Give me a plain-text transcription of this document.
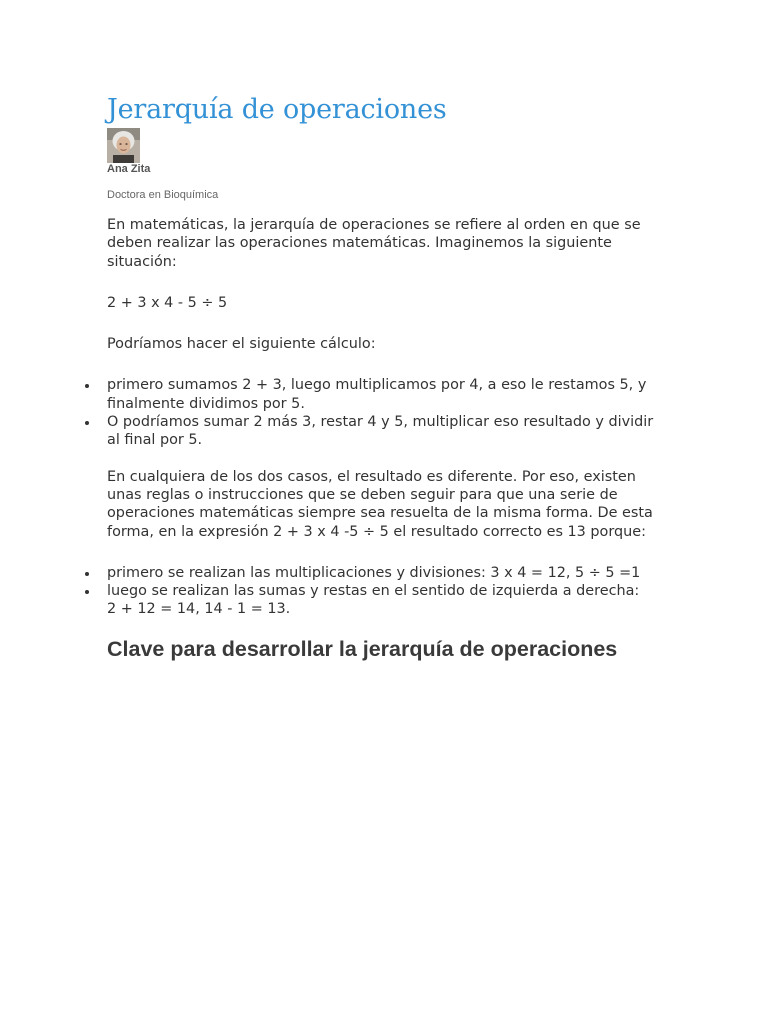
Jerarquía de operaciones
Ana Zita
Doctora en Bioquímica

En matemáticas, la jerarquía de operaciones se refiere al orden en que se deben realizar las operaciones matemáticas. Imaginemos la siguiente situación:

2 + 3 x 4 - 5 ÷ 5

Podríamos hacer el siguiente cálculo:

primero sumamos 2 + 3, luego multiplicamos por 4, a eso le restamos 5, y finalmente dividimos por 5.
O podríamos sumar 2 más 3, restar 4 y 5, multiplicar eso resultado y dividir al final por 5.

En cualquiera de los dos casos, el resultado es diferente. Por eso, existen unas reglas o instrucciones que se deben seguir para que una serie de operaciones matemáticas siempre sea resuelta de la misma forma. De esta forma, en la expresión 2 + 3 x 4 -5 ÷ 5 el resultado correcto es 13 porque:

primero se realizan las multiplicaciones y divisiones: 3 x 4 = 12, 5 ÷ 5 =1
luego se realizan las sumas y restas en el sentido de izquierda a derecha:
2 + 12 = 14, 14 - 1 = 13.
Clave para desarrollar la jerarquía de operaciones
